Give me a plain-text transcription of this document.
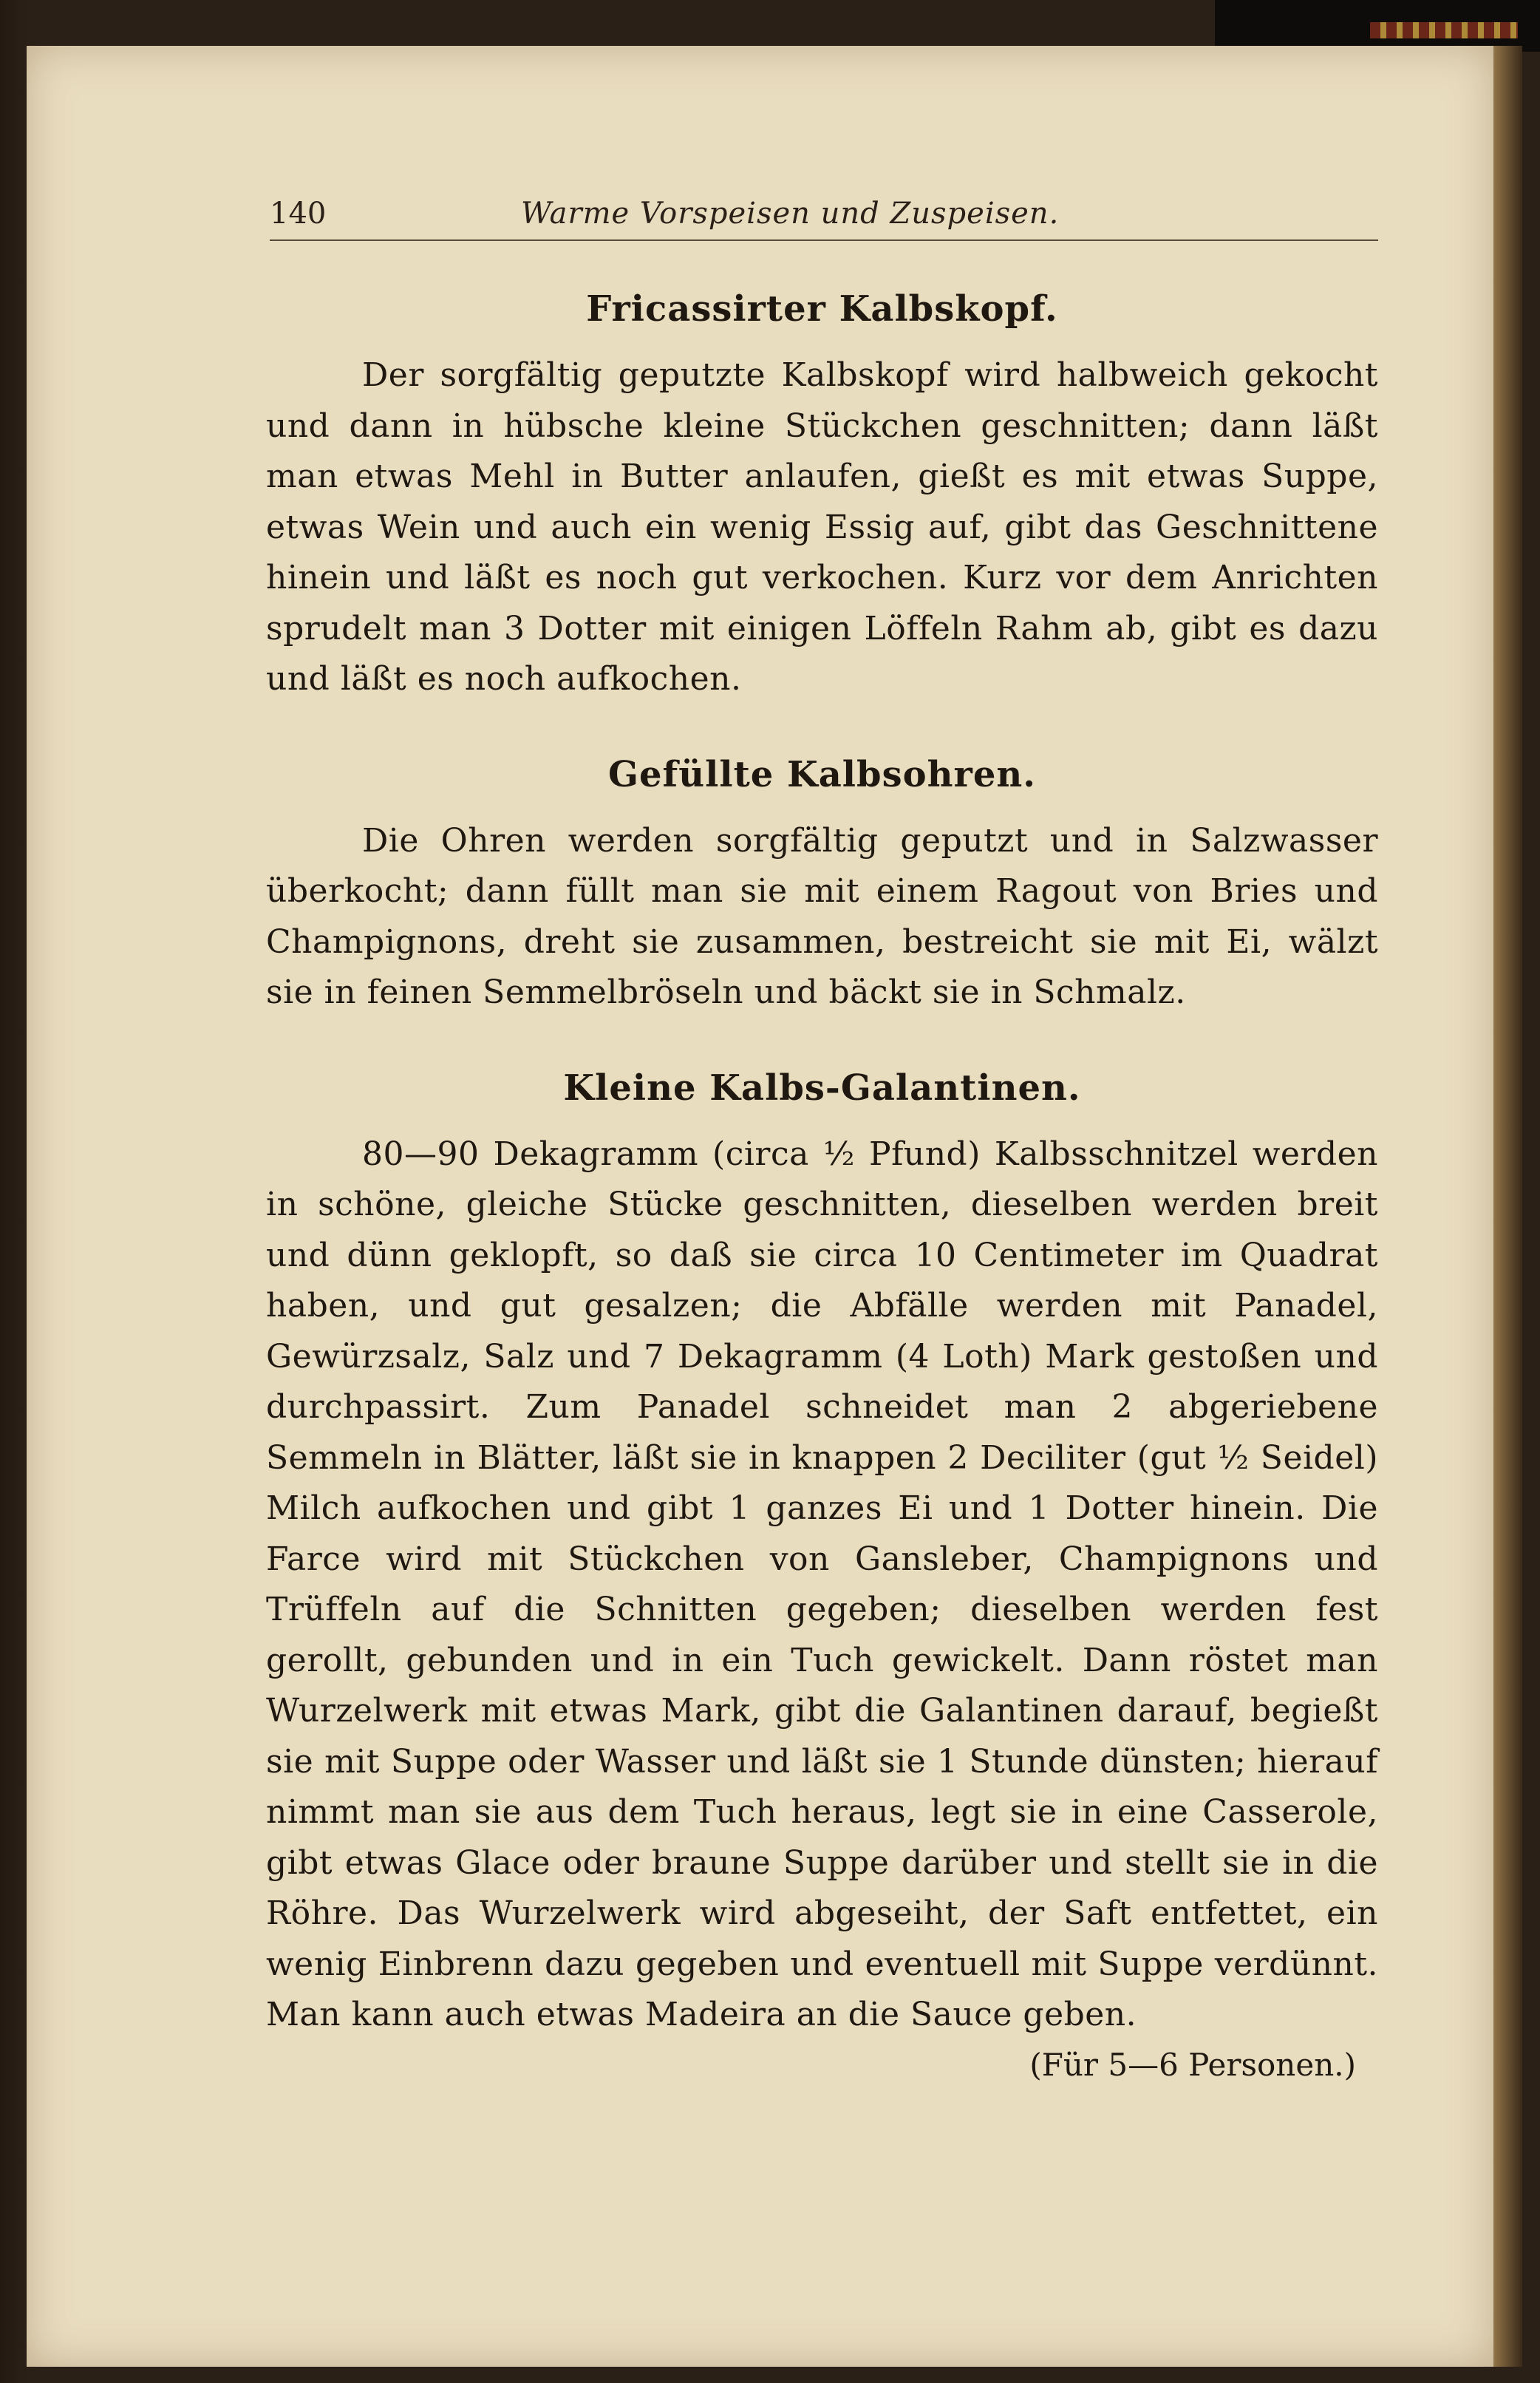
140	Warme Vorspeisen und Zuspeisen.
Fricassirter Kalbskopf.

Der sorgfältig geputzte Kalbskopf wird halbweich gekocht und dann in hübsche kleine Stückchen geschnitten; dann läßt man etwas Mehl in Butter anlaufen, gießt es mit etwas Suppe, etwas Wein und auch ein wenig Essig auf, gibt das Geschnittene hinein und läßt es noch gut verkochen. Kurz vor dem Anrichten sprudelt man 3 Dotter mit einigen Löffeln Rahm ab, gibt es dazu und läßt es noch aufkochen.

Gefüllte Kalbsohren.

Die Ohren werden sorgfältig geputzt und in Salzwasser überkocht; dann füllt man sie mit einem Ragout von Bries und Champignons, dreht sie zusammen, bestreicht sie mit Ei, wälzt sie in feinen Semmelbröseln und bäckt sie in Schmalz.

Kleine Kalbs-Galantinen.

80—90 Dekagramm (circa ½ Pfund) Kalbsschnitzel werden in schöne, gleiche Stücke geschnitten, dieselben werden breit und dünn geklopft, so daß sie circa 10 Centimeter im Quadrat haben, und gut gesalzen; die Abfälle werden mit Panadel, Gewürzsalz, Salz und 7 Dekagramm (4 Loth) Mark gestoßen und durchpassirt. Zum Panadel schneidet man 2 abgeriebene Semmeln in Blätter, läßt sie in knappen 2 Deciliter (gut ½ Seidel) Milch aufkochen und gibt 1 ganzes Ei und 1 Dotter hinein. Die Farce wird mit Stückchen von Gansleber, Champignons und Trüffeln auf die Schnitten gegeben; dieselben werden fest gerollt, gebunden und in ein Tuch gewickelt. Dann röstet man Wurzelwerk mit etwas Mark, gibt die Galantinen darauf, begießt sie mit Suppe oder Wasser und läßt sie 1 Stunde dünsten; hierauf nimmt man sie aus dem Tuch heraus, legt sie in eine Casserole, gibt etwas Glace oder braune Suppe darüber und stellt sie in die Röhre. Das Wurzelwerk wird abgeseiht, der Saft entfettet, ein wenig Einbrenn dazu gegeben und eventuell mit Suppe verdünnt. Man kann auch etwas Madeira an die Sauce geben.

(Für 5—6 Personen.)
